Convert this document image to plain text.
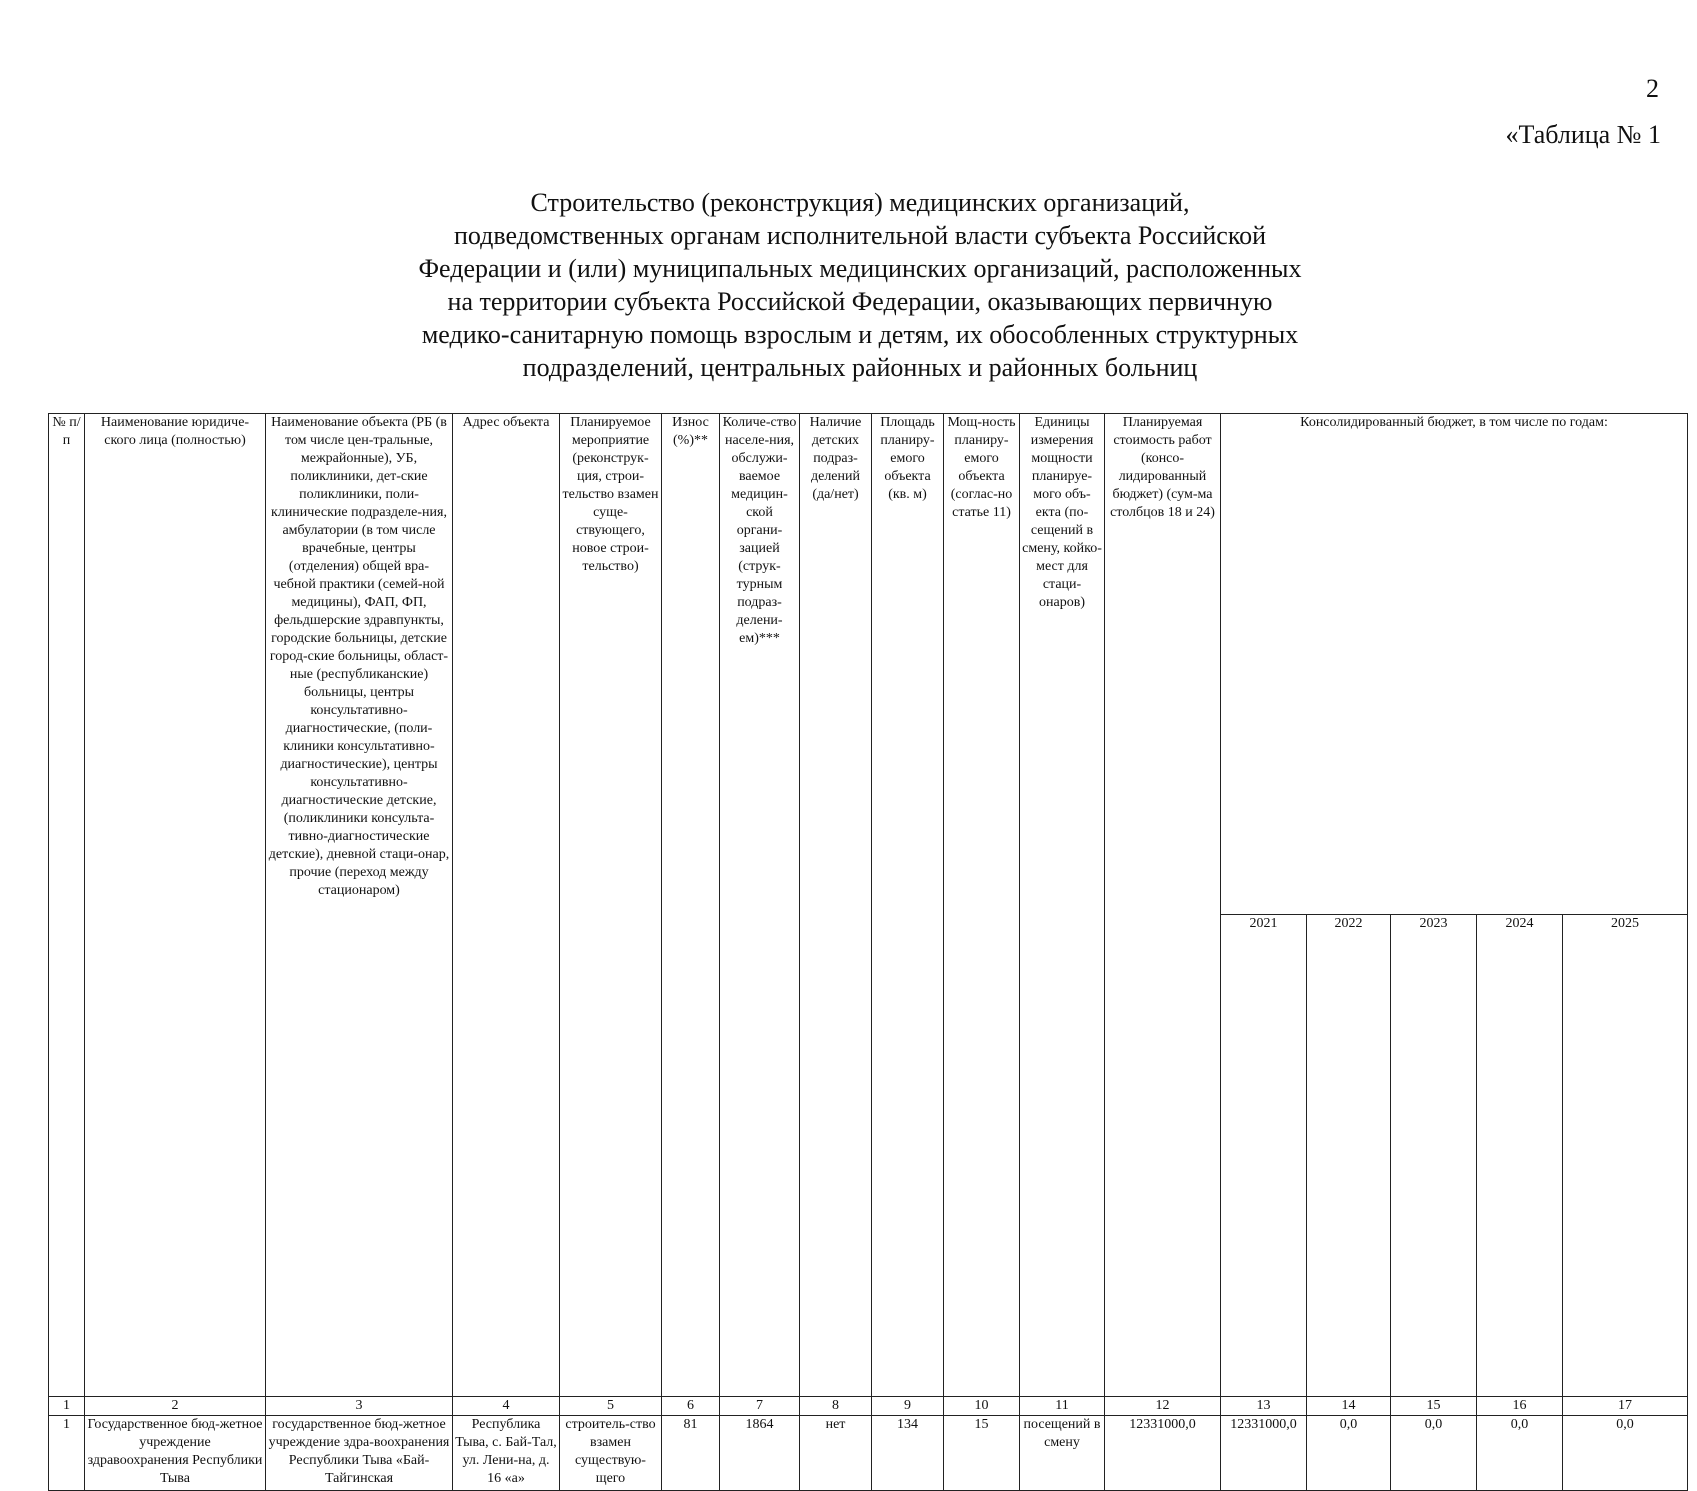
2
«Таблица № 1
Строительство (реконструкция) медицинских организаций,
подведомственных органам исполнительной власти субъекта Российской
Федерации и (или) муниципальных медицинских организаций, расположенных
на территории субъекта Российской Федерации, оказывающих первичную
медико-санитарную помощь взрослым и детям, их обособленных структурных
подразделений, центральных районных и районных больниц
№ п/п	Наименование юридиче-ского лица (полностью)	Наименование объекта (РБ (в том числе цен-тральные, межрайонные), УБ, поликлиники, дет-ские поликлиники, поли-клинические подразделе-ния, амбулатории (в том числе врачебные, центры (отделения) общей вра-чебной практики (семей-ной медицины), ФАП, ФП, фельдшерские здравпункты, городские больницы, детские город-ские больницы, област-ные (республиканские) больницы, центры консультативно-диагностические, (поли-клиники консультативно-диагностические), центры консультативно-диагностические детские, (поликлиники консульта-тивно-диагностические детские), дневной стаци-онар, прочие (переход между стационаром)	Адрес объекта	Планируемое мероприятие (реконструк-ция, строи-тельство взамен суще-ствующего, новое строи-тельство)	Износ (%)**	Количе-ство населе-ния, обслужи-ваемое медицин-ской органи-зацией (струк-турным подраз-делени-ем)***	Наличие детских подраз-делений (да/нет)	Площадь планиру-емого объекта (кв. м)	Мощ-ность планиру-емого объекта (соглас-но статье 11)	Единицы измерения мощности планируе-мого объ-екта (по-сещений в смену, койко-мест для стаци-онаров)	Планируемая стоимость работ (консо-лидированный бюджет) (сум-ма столбцов 18 и 24)	Консолидированный бюджет, в том числе по годам:				
												2021	2022	2023	2024	2025
1	2	3	4	5	6	7	8	9	10	11	12	13	14	15	16	17
1	Государственное бюд-жетное учреждение здравоохранения Республики Тыва	государственное бюд-жетное учреждение здра-воохранения Республики Тыва «Бай-Тайгинская	Республика Тыва, с. Бай-Тал, ул. Лени-на, д. 16 «а»	строитель-ство взамен существую-щего	81	1864	нет	134	15	посещений в смену	12331000,0	12331000,0	0,0	0,0	0,0	0,0
